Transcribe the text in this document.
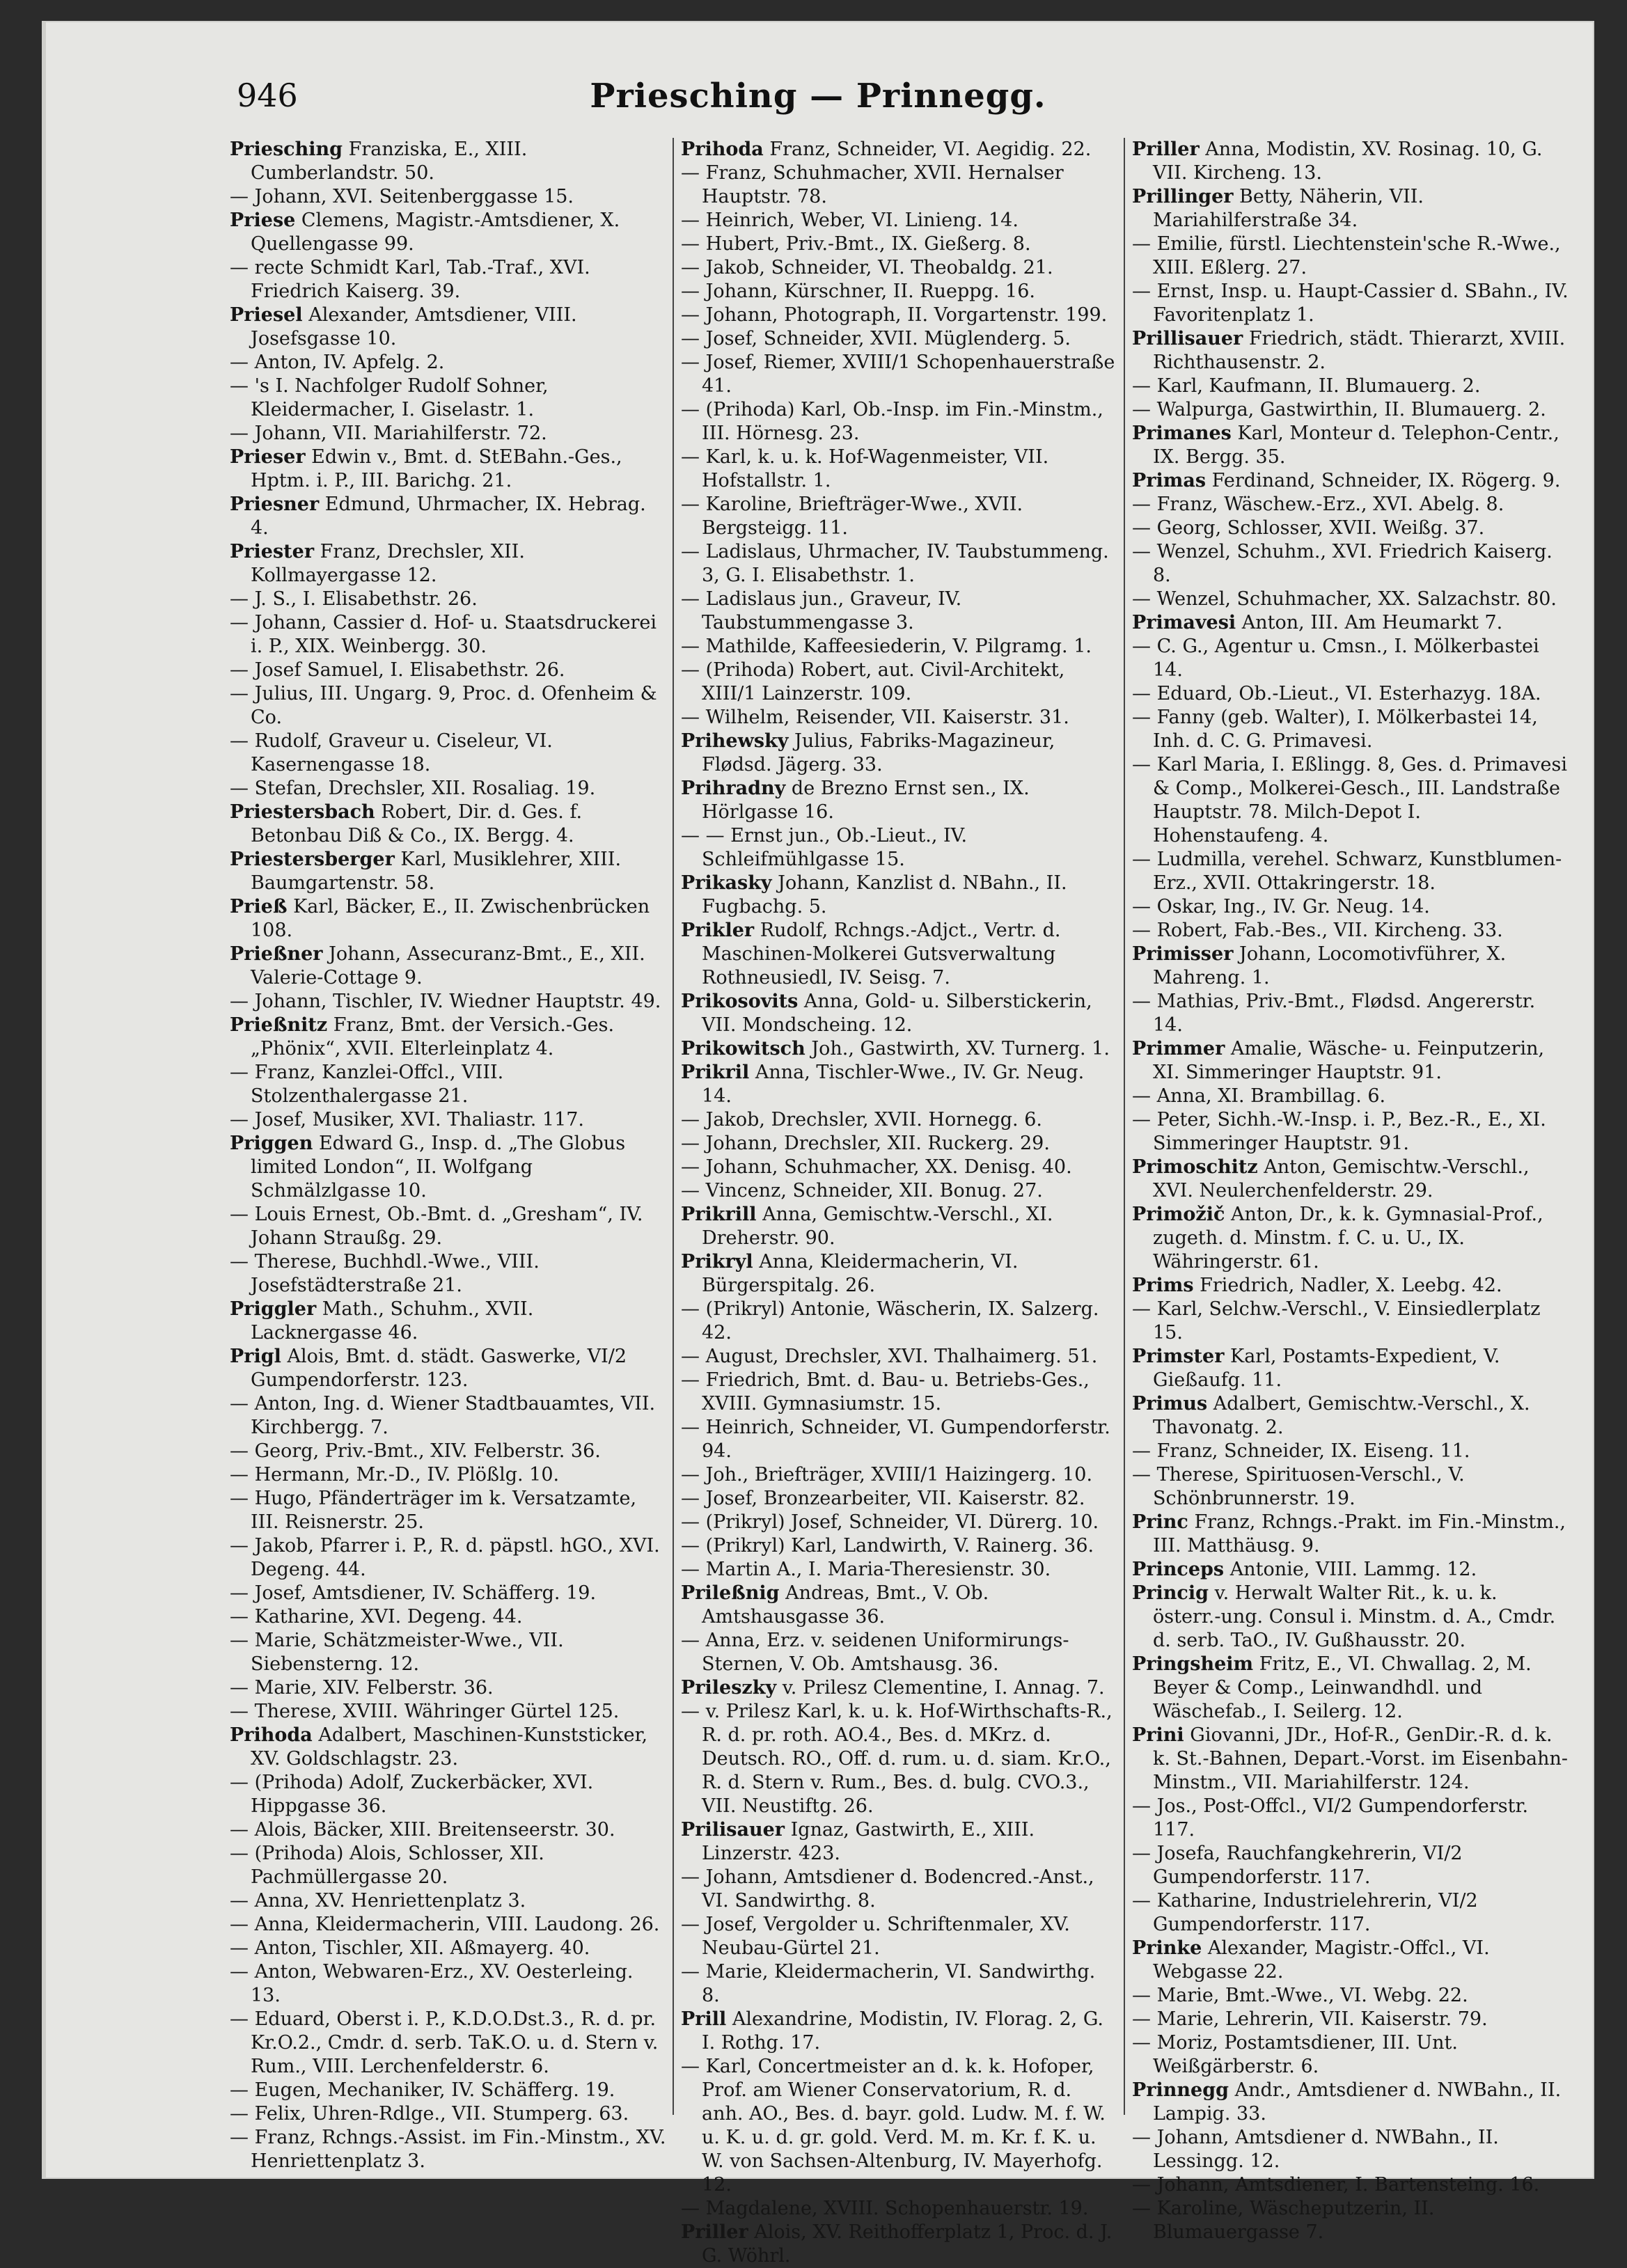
Priesching — Prinnegg.
946

Priesching Franziska, E., XIII. Cumberlandstr. 50.

— Johann, XVI. Seitenberggasse 15.

Priese Clemens, Magistr.-Amtsdiener, X. Quellengasse 99.

— recte Schmidt Karl, Tab.-Traf., XVI. Friedrich Kaiserg. 39.

Priesel Alexander, Amtsdiener, VIII. Josefsgasse 10.

— Anton, IV. Apfelg. 2.

— 's I. Nachfolger Rudolf Sohner, Kleidermacher, I. Giselastr. 1.

— Johann, VII. Mariahilferstr. 72.

Prieser Edwin v., Bmt. d. StEBahn.-Ges., Hptm. i. P., III. Barichg. 21.

Priesner Edmund, Uhrmacher, IX. Hebrag. 4.

Priester Franz, Drechsler, XII. Kollmayergasse 12.

— J. S., I. Elisabethstr. 26.

— Johann, Cassier d. Hof- u. Staatsdruckerei i. P., XIX. Weinbergg. 30.

— Josef Samuel, I. Elisabethstr. 26.

— Julius, III. Ungarg. 9, Proc. d. Ofenheim & Co.

— Rudolf, Graveur u. Ciseleur, VI. Kasernengasse 18.

— Stefan, Drechsler, XII. Rosaliag. 19.

Priestersbach Robert, Dir. d. Ges. f. Betonbau Diß & Co., IX. Bergg. 4.

Priestersberger Karl, Musiklehrer, XIII. Baumgartenstr. 58.

Prieß Karl, Bäcker, E., II. Zwischenbrücken 108.

Prießner Johann, Assecuranz-Bmt., E., XII. Valerie-Cottage 9.

— Johann, Tischler, IV. Wiedner Hauptstr. 49.

Prießnitz Franz, Bmt. der Versich.-Ges. „Phönix“, XVII. Elterleinplatz 4.

— Franz, Kanzlei-Offcl., VIII. Stolzenthalergasse 21.

— Josef, Musiker, XVI. Thaliastr. 117.

Priggen Edward G., Insp. d. „The Globus limited London“, II. Wolfgang Schmälzlgasse 10.

— Louis Ernest, Ob.-Bmt. d. „Gresham“, IV. Johann Straußg. 29.

— Therese, Buchhdl.-Wwe., VIII. Josefstädterstraße 21.

Priggler Math., Schuhm., XVII. Lacknergasse 46.

Prigl Alois, Bmt. d. städt. Gaswerke, VI/2 Gumpendorferstr. 123.

— Anton, Ing. d. Wiener Stadtbauamtes, VII. Kirchbergg. 7.

— Georg, Priv.-Bmt., XIV. Felberstr. 36.

— Hermann, Mr.-D., IV. Plößlg. 10.

— Hugo, Pfänderträger im k. Versatzamte, III. Reisnerstr. 25.

— Jakob, Pfarrer i. P., R. d. päpstl. hGO., XVI. Degeng. 44.

— Josef, Amtsdiener, IV. Schäfferg. 19.

— Katharine, XVI. Degeng. 44.

— Marie, Schätzmeister-Wwe., VII. Siebensterng. 12.

— Marie, XIV. Felberstr. 36.

— Therese, XVIII. Währinger Gürtel 125.

Prihoda Adalbert, Maschinen-Kunststicker, XV. Goldschlagstr. 23.

— (Prihoda) Adolf, Zuckerbäcker, XVI. Hippgasse 36.

— Alois, Bäcker, XIII. Breitenseerstr. 30.

— (Prihoda) Alois, Schlosser, XII. Pachmüllergasse 20.

— Anna, XV. Henriettenplatz 3.

— Anna, Kleidermacherin, VIII. Laudong. 26.

— Anton, Tischler, XII. Aßmayerg. 40.

— Anton, Webwaren-Erz., XV. Oesterleing. 13.

— Eduard, Oberst i. P., K.D.O.Dst.3., R. d. pr. Kr.O.2., Cmdr. d. serb. TaK.O. u. d. Stern v. Rum., VIII. Lerchenfelderstr. 6.

— Eugen, Mechaniker, IV. Schäfferg. 19.

— Felix, Uhren-Rdlge., VII. Stumperg. 63.

— Franz, Rchngs.-Assist. im Fin.-Minstm., XV. Henriettenplatz 3.

Prihoda Franz, Schneider, VI. Aegidig. 22.

— Franz, Schuhmacher, XVII. Hernalser Hauptstr. 78.

— Heinrich, Weber, VI. Linieng. 14.

— Hubert, Priv.-Bmt., IX. Gießerg. 8.

— Jakob, Schneider, VI. Theobaldg. 21.

— Johann, Kürschner, II. Rueppg. 16.

— Johann, Photograph, II. Vorgartenstr. 199.

— Josef, Schneider, XVII. Müglenderg. 5.

— Josef, Riemer, XVIII/1 Schopenhauerstraße 41.

— (Prihoda) Karl, Ob.-Insp. im Fin.-Minstm., III. Hörnesg. 23.

— Karl, k. u. k. Hof-Wagenmeister, VII. Hofstallstr. 1.

— Karoline, Briefträger-Wwe., XVII. Bergsteigg. 11.

— Ladislaus, Uhrmacher, IV. Taubstummeng. 3, G. I. Elisabethstr. 1.

— Ladislaus jun., Graveur, IV. Taubstummengasse 3.

— Mathilde, Kaffeesiederin, V. Pilgramg. 1.

— (Prihoda) Robert, aut. Civil-Architekt, XIII/1 Lainzerstr. 109.

— Wilhelm, Reisender, VII. Kaiserstr. 31.

Prihewsky Julius, Fabriks-Magazineur, Flødsd. Jägerg. 33.

Prihradny de Brezno Ernst sen., IX. Hörlgasse 16.

— — Ernst jun., Ob.-Lieut., IV. Schleifmühlgasse 15.

Prikasky Johann, Kanzlist d. NBahn., II. Fugbachg. 5.

Prikler Rudolf, Rchngs.-Adjct., Vertr. d. Maschinen-Molkerei Gutsverwaltung Rothneusiedl, IV. Seisg. 7.

Prikosovits Anna, Gold- u. Silberstickerin, VII. Mondscheing. 12.

Prikowitsch Joh., Gastwirth, XV. Turnerg. 1.

Prikril Anna, Tischler-Wwe., IV. Gr. Neug. 14.

— Jakob, Drechsler, XVII. Hornegg. 6.

— Johann, Drechsler, XII. Ruckerg. 29.

— Johann, Schuhmacher, XX. Denisg. 40.

— Vincenz, Schneider, XII. Bonug. 27.

Prikrill Anna, Gemischtw.-Verschl., XI. Dreherstr. 90.

Prikryl Anna, Kleidermacherin, VI. Bürgerspitalg. 26.

— (Prikryl) Antonie, Wäscherin, IX. Salzerg. 42.

— August, Drechsler, XVI. Thalhaimerg. 51.

— Friedrich, Bmt. d. Bau- u. Betriebs-Ges., XVIII. Gymnasiumstr. 15.

— Heinrich, Schneider, VI. Gumpendorferstr. 94.

— Joh., Briefträger, XVIII/1 Haizingerg. 10.

— Josef, Bronzearbeiter, VII. Kaiserstr. 82.

— (Prikryl) Josef, Schneider, VI. Dürerg. 10.

— (Prikryl) Karl, Landwirth, V. Rainerg. 36.

— Martin A., I. Maria-Theresienstr. 30.

Prileßnig Andreas, Bmt., V. Ob. Amtshausgasse 36.

— Anna, Erz. v. seidenen Uniformirungs-Sternen, V. Ob. Amtshausg. 36.

Prileszky v. Prilesz Clementine, I. Annag. 7.

— v. Prilesz Karl, k. u. k. Hof-Wirthschafts-R., R. d. pr. roth. AO.4., Bes. d. MKrz. d. Deutsch. RO., Off. d. rum. u. d. siam. Kr.O., R. d. Stern v. Rum., Bes. d. bulg. CVO.3., VII. Neustiftg. 26.

Prilisauer Ignaz, Gastwirth, E., XIII. Linzerstr. 423.

— Johann, Amtsdiener d. Bodencred.-Anst., VI. Sandwirthg. 8.

— Josef, Vergolder u. Schriftenmaler, XV. Neubau-Gürtel 21.

— Marie, Kleidermacherin, VI. Sandwirthg. 8.

Prill Alexandrine, Modistin, IV. Florag. 2, G. I. Rothg. 17.

— Karl, Concertmeister an d. k. k. Hofoper, Prof. am Wiener Conservatorium, R. d. anh. AO., Bes. d. bayr. gold. Ludw. M. f. W. u. K. u. d. gr. gold. Verd. M. m. Kr. f. K. u. W. von Sachsen-Altenburg, IV. Mayerhofg. 12.

— Magdalene, XVIII. Schopenhauerstr. 19.

Priller Alois, XV. Reithofferplatz 1, Proc. d. J. G. Wöhrl.

Priller Anna, Modistin, XV. Rosinag. 10, G. VII. Kircheng. 13.

Prillinger Betty, Näherin, VII. Mariahilferstraße 34.

— Emilie, fürstl. Liechtenstein'sche R.-Wwe., XIII. Eßlerg. 27.

— Ernst, Insp. u. Haupt-Cassier d. SBahn., IV. Favoritenplatz 1.

Prillisauer Friedrich, städt. Thierarzt, XVIII. Richthausenstr. 2.

— Karl, Kaufmann, II. Blumauerg. 2.

— Walpurga, Gastwirthin, II. Blumauerg. 2.

Primanes Karl, Monteur d. Telephon-Centr., IX. Bergg. 35.

Primas Ferdinand, Schneider, IX. Rögerg. 9.

— Franz, Wäschew.-Erz., XVI. Abelg. 8.

— Georg, Schlosser, XVII. Weißg. 37.

— Wenzel, Schuhm., XVI. Friedrich Kaiserg. 8.

— Wenzel, Schuhmacher, XX. Salzachstr. 80.

Primavesi Anton, III. Am Heumarkt 7.

— C. G., Agentur u. Cmsn., I. Mölkerbastei 14.

— Eduard, Ob.-Lieut., VI. Esterhazyg. 18A.

— Fanny (geb. Walter), I. Mölkerbastei 14, Inh. d. C. G. Primavesi.

— Karl Maria, I. Eßlingg. 8, Ges. d. Primavesi & Comp., Molkerei-Gesch., III. Landstraße Hauptstr. 78. Milch-Depot I. Hohenstaufeng. 4.

— Ludmilla, verehel. Schwarz, Kunstblumen-Erz., XVII. Ottakringerstr. 18.

— Oskar, Ing., IV. Gr. Neug. 14.

— Robert, Fab.-Bes., VII. Kircheng. 33.

Primisser Johann, Locomotivführer, X. Mahreng. 1.

— Mathias, Priv.-Bmt., Flødsd. Angererstr. 14.

Primmer Amalie, Wäsche- u. Feinputzerin, XI. Simmeringer Hauptstr. 91.

— Anna, XI. Brambillag. 6.

— Peter, Sichh.-W.-Insp. i. P., Bez.-R., E., XI. Simmeringer Hauptstr. 91.

Primoschitz Anton, Gemischtw.-Verschl., XVI. Neulerchenfelderstr. 29.

Primožič Anton, Dr., k. k. Gymnasial-Prof., zugeth. d. Minstm. f. C. u. U., IX. Währingerstr. 61.

Prims Friedrich, Nadler, X. Leebg. 42.

— Karl, Selchw.-Verschl., V. Einsiedlerplatz 15.

Primster Karl, Postamts-Expedient, V. Gießaufg. 11.

Primus Adalbert, Gemischtw.-Verschl., X. Thavonatg. 2.

— Franz, Schneider, IX. Eiseng. 11.

— Therese, Spirituosen-Verschl., V. Schönbrunnerstr. 19.

Princ Franz, Rchngs.-Prakt. im Fin.-Minstm., III. Matthäusg. 9.

Princeps Antonie, VIII. Lammg. 12.

Princig v. Herwalt Walter Rit., k. u. k. österr.-ung. Consul i. Minstm. d. A., Cmdr. d. serb. TaO., IV. Gußhausstr. 20.

Pringsheim Fritz, E., VI. Chwallag. 2, M. Beyer & Comp., Leinwandhdl. und Wäschefab., I. Seilerg. 12.

Prini Giovanni, JDr., Hof-R., GenDir.-R. d. k. k. St.-Bahnen, Depart.-Vorst. im Eisenbahn-Minstm., VII. Mariahilferstr. 124.

— Jos., Post-Offcl., VI/2 Gumpendorferstr. 117.

— Josefa, Rauchfangkehrerin, VI/2 Gumpendorferstr. 117.

— Katharine, Industrielehrerin, VI/2 Gumpendorferstr. 117.

Prinke Alexander, Magistr.-Offcl., VI. Webgasse 22.

— Marie, Bmt.-Wwe., VI. Webg. 22.

— Marie, Lehrerin, VII. Kaiserstr. 79.

— Moriz, Postamtsdiener, III. Unt. Weißgärberstr. 6.

Prinnegg Andr., Amtsdiener d. NWBahn., II. Lampig. 33.

— Johann, Amtsdiener d. NWBahn., II. Lessingg. 12.

— Johann, Amtsdiener, I. Bartensteing. 16.

— Karoline, Wäscheputzerin, II. Blumauergasse 7.
